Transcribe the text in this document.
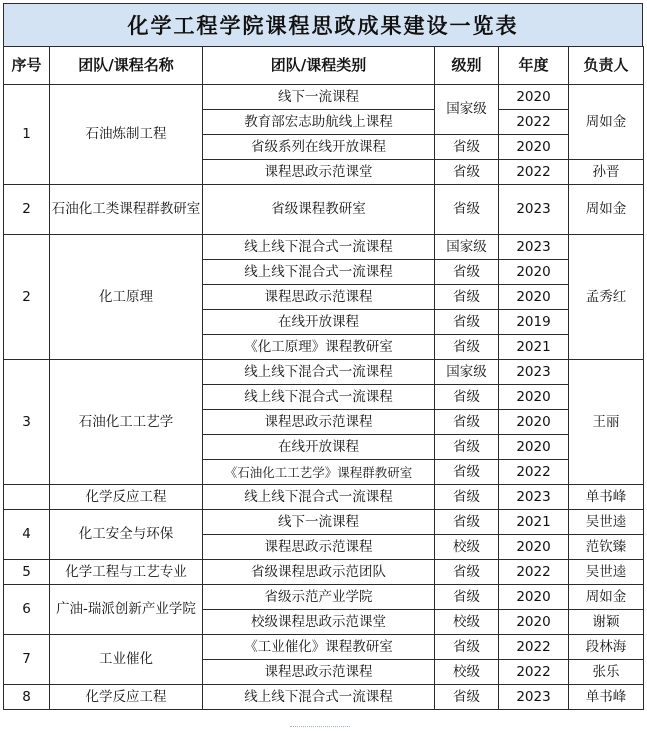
化学工程学院课程思政成果建设一览表
序号	团队/课程名称	团队/课程类别	级别	年度	负责人
1	石油炼制工程	线下一流课程	国家级	2020	周如金
		教育部宏志助航线上课程		2022	
		省级系列在线开放课程	省级	2020	
		课程思政示范课堂	省级	2022	孙晋
2	石油化工类课程群教研室	省级课程教研室	省级	2023	周如金
2	化工原理	线上线下混合式一流课程	国家级	2023	孟秀红
		线上线下混合式一流课程	省级	2020	
		课程思政示范课程	省级	2020	
		在线开放课程	省级	2019	
		《化工原理》课程教研室	省级	2021	
3	石油化工工艺学	线上线下混合式一流课程	国家级	2023	王丽
		线上线下混合式一流课程	省级	2020	
		课程思政示范课程	省级	2020	
		在线开放课程	省级	2020	
		《石油化工工艺学》课程群教研室	省级	2022	
	化学反应工程	线上线下混合式一流课程	省级	2023	单书峰
4	化工安全与环保	线下一流课程	省级	2021	吴世逵
		课程思政示范课程	校级	2020	范钦臻
5	化学工程与工艺专业	省级课程思政示范团队	省级	2022	吴世逵
6	广油-瑞派创新产业学院	省级示范产业学院	省级	2020	周如金
		校级课程思政示范课堂	校级	2020	谢颖
7	工业催化	《工业催化》课程教研室	省级	2022	段林海
		课程思政示范课程	校级	2022	张乐
8	化学反应工程	线上线下混合式一流课程	省级	2023	单书峰
